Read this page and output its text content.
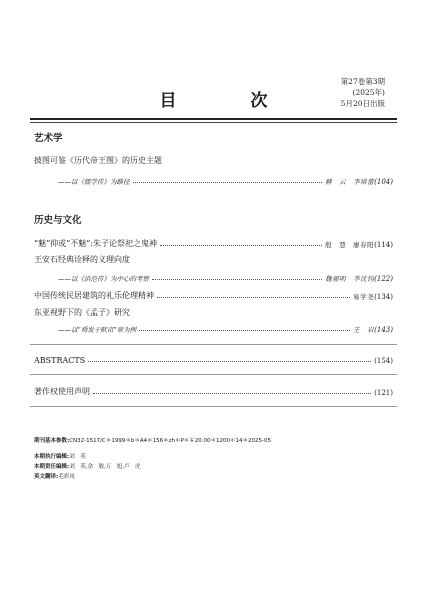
目 次
第27卷第3期
(2025年)
5月20日出版
艺术学
披图可鉴《历代帝王图》的历史主题
——以《儒学传》为路径	赫　云　李培蕾 (104)
历史与文化
“魅”抑或“不魅”:朱子论祭祀之鬼神	殷　慧　廖春阳 (114)
王安石经典诠释的义理向度
——以《洪范传》为中心的考察	魏福明　李沈钧 (122)
中国传统民居建筑的礼乐伦理精神	易学尧 (134)
东亚视野下的《孟子》研究
——以“舜发于畎亩”章为例	王　岩 (143)
ABSTRACTS	(154)
著作权使用声明	(121)
期刊基本参数:CN32-1517/C＊1999＊b＊A4＊156＊zh＊P＊￥20.00＊1200＊14＊2025-05
本期执行编辑:刘　英
本期责任编辑:刘　英,余　敏,万　旭,卢　虎
英文翻译:毛彩凤
